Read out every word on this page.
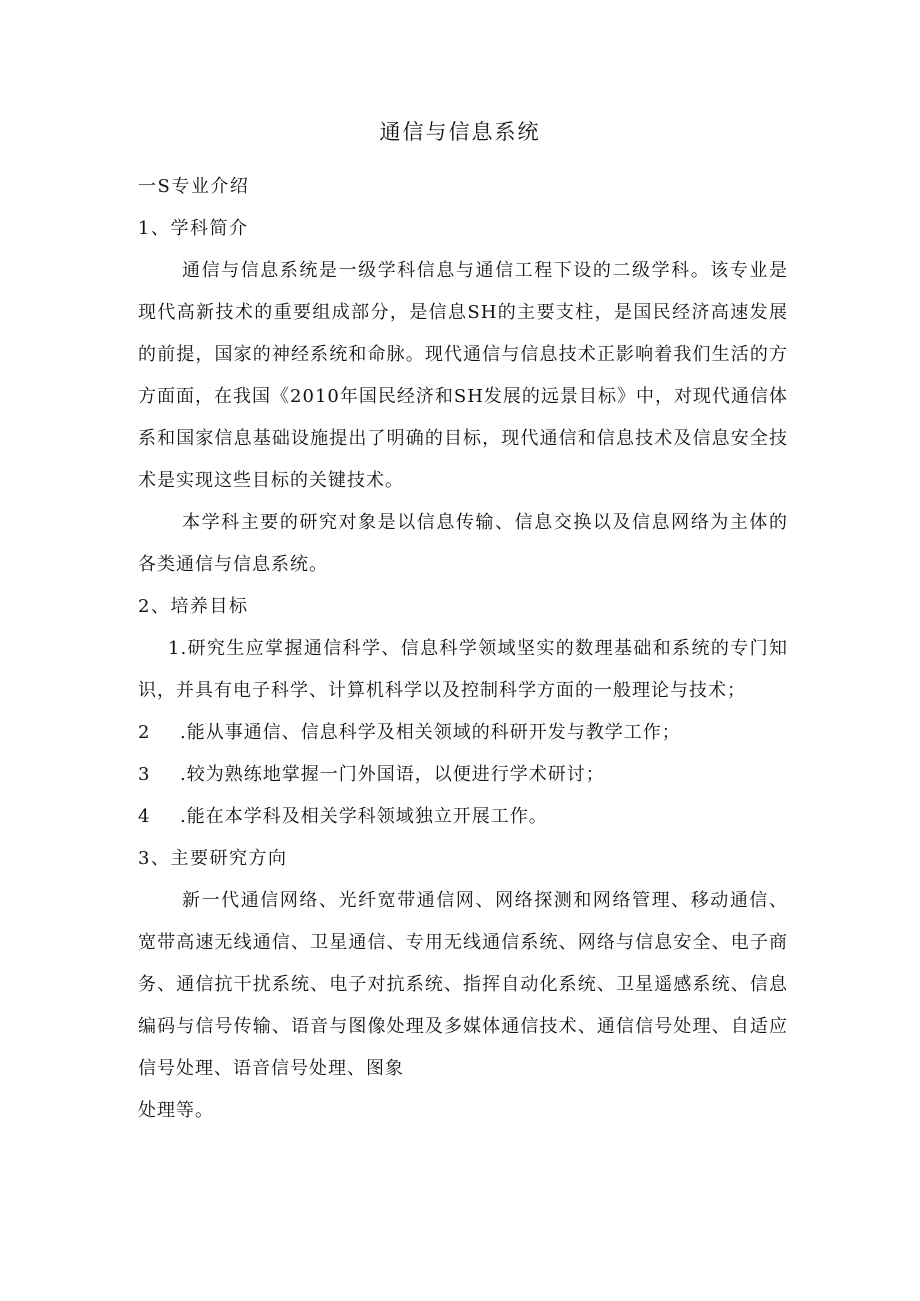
通信与信息系统
一S专业介绍
1、学科简介

通信与信息系统是一级学科信息与通信工程下设的二级学科。该专业是现代高新技术的重要组成部分，是信息SH的主要支柱，是国民经济高速发展的前提，国家的神经系统和命脉。现代通信与信息技术正影响着我们生活的方方面面，在我国《2010年国民经济和SH发展的远景目标》中，对现代通信体系和国家信息基础设施提出了明确的目标，现代通信和信息技术及信息安全技术是实现这些目标的关键技术。

本学科主要的研究对象是以信息传输、信息交换以及信息网络为主体的各类通信与信息系统。

2、培养目标

1.研究生应掌握通信科学、信息科学领域坚实的数理基础和系统的专门知识，并具有电子科学、计算机科学以及控制科学方面的一般理论与技术；

2	.能从事通信、信息科学及相关领域的科研开发与教学工作；
3	.较为熟练地掌握一门外国语，以便进行学术研讨；
4	.能在本学科及相关学科领域独立开展工作。
3、主要研究方向

新一代通信网络、光纤宽带通信网、网络探测和网络管理、移动通信、宽带高速无线通信、卫星通信、专用无线通信系统、网络与信息安全、电子商务、通信抗干扰系统、电子对抗系统、指挥自动化系统、卫星遥感系统、信息编码与信号传输、语音与图像处理及多媒体通信技术、通信信号处理、自适应信号处理、语音信号处理、图象

处理等。
